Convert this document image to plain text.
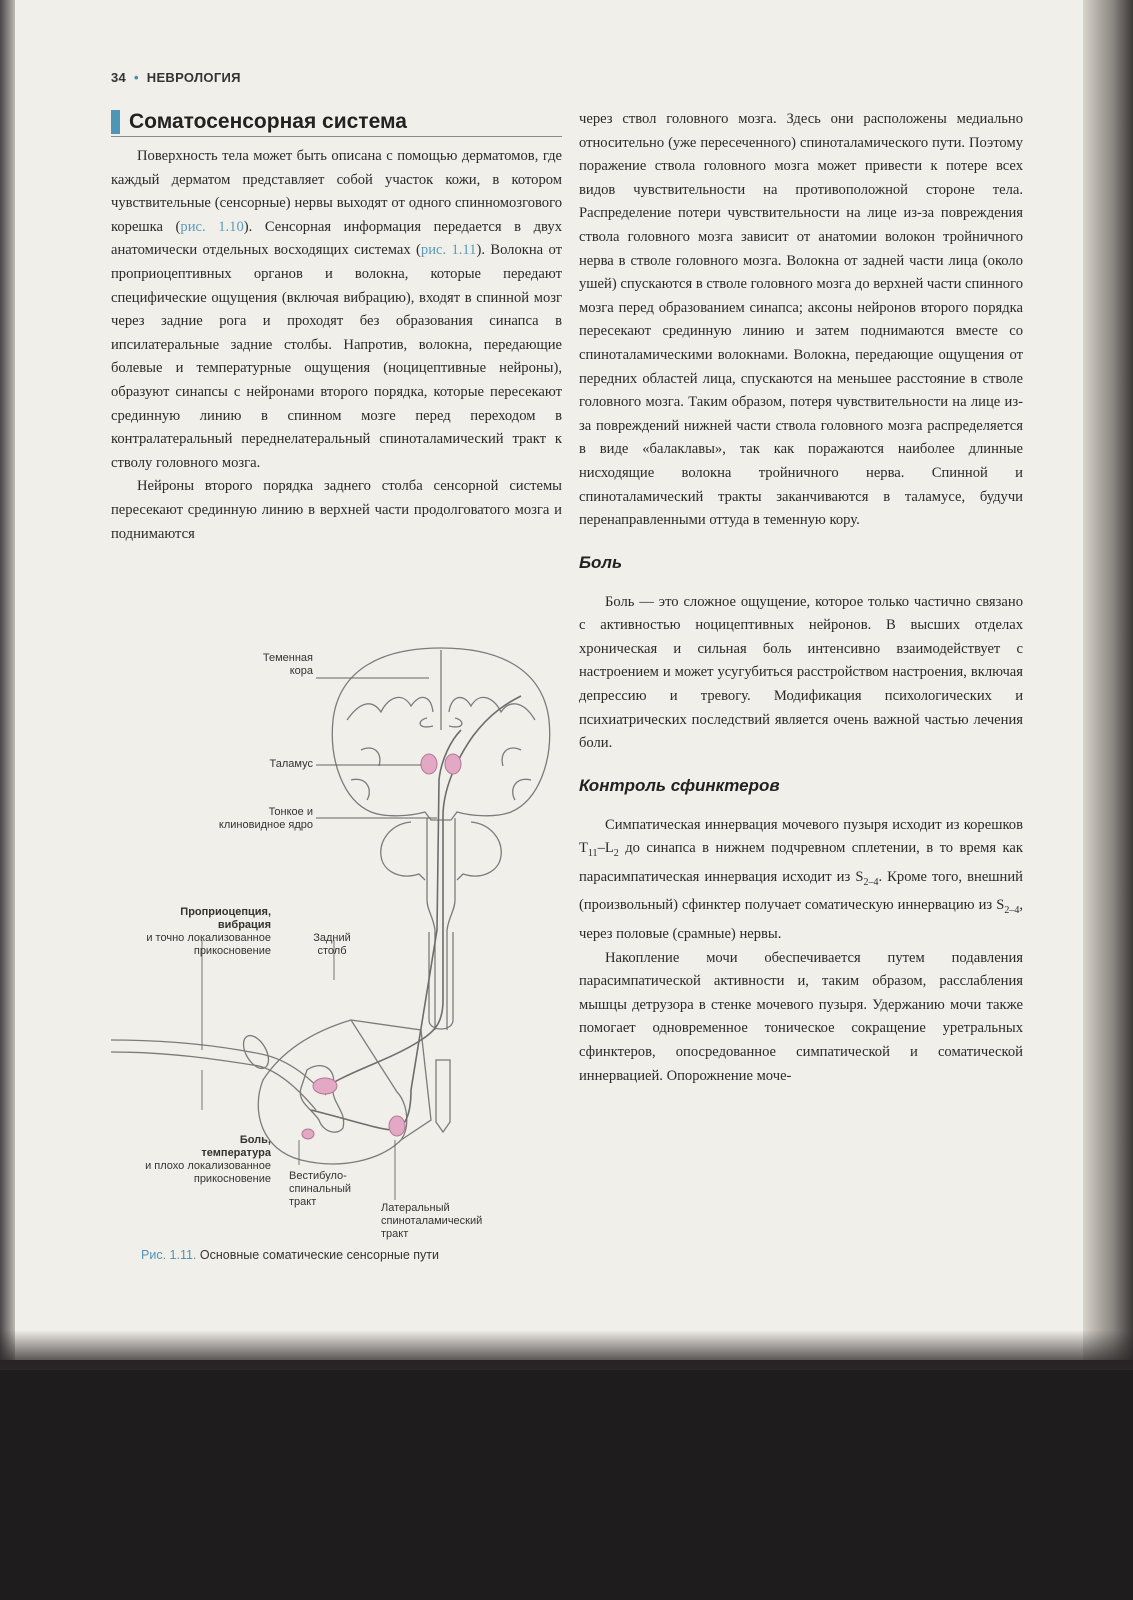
34 • НЕВРОЛОГИЯ
Соматосенсорная система

Поверхность тела может быть описана с помощью дерматомов, где каждый дерматом представляет собой участок кожи, в котором чувствительные (сенсорные) нервы выходят от одного спинномозгового корешка (рис. 1.10). Сенсорная информация передается в двух анатомически отдельных восходящих системах (рис. 1.11). Волокна от проприоцептивных органов и волокна, которые передают специфические ощущения (включая вибрацию), входят в спинной мозг через задние рога и проходят без образования синапса в ипсилатеральные задние столбы. Напротив, волокна, передающие болевые и температурные ощущения (ноцицептивные нейроны), образуют синапсы с нейронами второго порядка, которые пересекают срединную линию в спинном мозге перед переходом в контралатеральный переднелатеральный спиноталамический тракт к стволу головного мозга.

Нейроны второго порядка заднего столба сенсорной системы пересекают срединную линию в верхней части продолговатого мозга и поднимаются

Теменная
кора
Таламус
Тонкое и
клиновидное ядро
Проприоцепция,
вибрация
и точно локализованное
прикосновение
Задний
столб
Боль,
температура
и плохо локализованное
прикосновение Вестибуло-
спинальный
тракт	Латеральный
спиноталамический
тракт
Рис. 1.11. Основные соматические сенсорные пути

через ствол головного мозга. Здесь они расположены медиально относительно (уже пересеченного) спиноталамического пути. Поэтому поражение ствола головного мозга может привести к потере всех видов чувствительности на противоположной стороне тела. Распределение потери чувствительности на лице из-за повреждения ствола головного мозга зависит от анатомии волокон тройничного нерва в стволе головного мозга. Волокна от задней части лица (около ушей) спускаются в стволе головного мозга до верхней части спинного мозга перед образованием синапса; аксоны нейронов второго порядка пересекают срединную линию и затем поднимаются вместе со спиноталамическими волокнами. Волокна, передающие ощущения от передних областей лица, спускаются на меньшее расстояние в стволе головного мозга. Таким образом, потеря чувствительности на лице из-за повреждений нижней части ствола головного мозга распределяется в виде «балаклавы», так как поражаются наиболее длинные нисходящие волокна тройничного нерва. Спинной и спиноталамический тракты заканчиваются в таламусе, будучи перенаправленными оттуда в теменную кору.

Боль

Боль — это сложное ощущение, которое только частично связано с активностью ноцицептивных нейронов. В высших отделах хроническая и сильная боль интенсивно взаимодействует с настроением и может усугубиться расстройством настроения, включая депрессию и тревогу. Модификация психологических и психиатрических последствий является очень важной частью лечения боли.

Контроль сфинктеров

Симпатическая иннервация мочевого пузыря исходит из корешков $T_{11}-L_2$ до синапса в нижнем подчревном сплетении, в то время как парасимпатическая иннервация исходит из $S_{2-4}$. Кроме того, внешний (произвольный) сфинктер получает соматическую иннервацию из $S_{2-4}$, через половые (срамные) нервы.

Накопление мочи обеспечивается путем подавления парасимпатической активности и, таким образом, расслабления мышцы детрузора в стенке мочевого пузыря. Удержанию мочи также помогает одновременное тоническое сокращение уретральных сфинктеров, опосредованное симпатической и соматической иннервацией. Опорожнение моче-
